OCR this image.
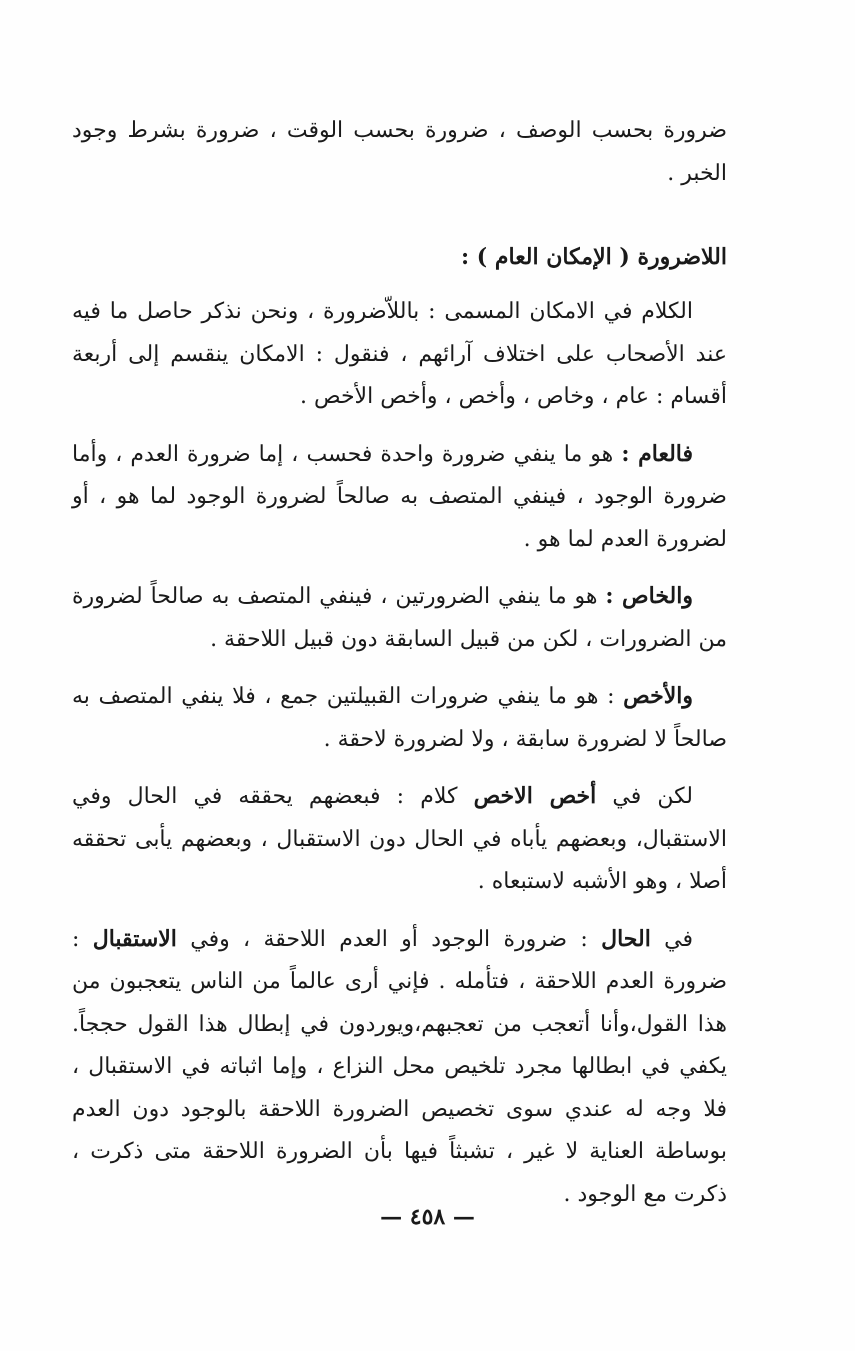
ضرورة بحسب الوصف ، ضرورة بحسب الوقت ، ضرورة بشرط وجود الخبر .

اللاضرورة ( الإمكان العام ) :

الكلام في الامكان المسمى : باللاّضرورة ، ونحن نذكر حاصل ما فيه عند الأصحاب على اختلاف آرائهم ، فنقول : الامكان ينقسم إلى أربعة أقسام : عام ، وخاص ، وأخص ، وأخص الأخص .

فالعام : هو ما ينفي ضرورة واحدة فحسب ، إما ضرورة العدم ، وأما ضرورة الوجود ، فينفي المتصف به صالحاً لضرورة الوجود لما هو ، أو لضرورة العدم لما هو .

والخاص : هو ما ينفي الضرورتين ، فينفي المتصف به صالحاً لضرورة من الضرورات ، لكن من قبيل السابقة دون قبيل اللاحقة .

والأخص : هو ما ينفي ضرورات القبيلتين جمع ، فلا ينفي المتصف به صالحاً لا لضرورة سابقة ، ولا لضرورة لاحقة .

لكن في أخص الاخص كلام : فبعضهم يحققه في الحال وفي الاستقبال، وبعضهم يأباه في الحال دون الاستقبال ، وبعضهم يأبى تحققه أصلا ، وهو الأشبه لاستبعاه .

في الحال : ضرورة الوجود أو العدم اللاحقة ، وفي الاستقبال : ضرورة العدم اللاحقة ، فتأمله . فإني أرى عالماً من الناس يتعجبون من هذا القول،وأنا أتعجب من تعجبهم،ويوردون في إبطال هذا القول حججاً. يكفي في ابطالها مجرد تلخيص محل النزاع ، وإما اثباته في الاستقبال ، فلا وجه له عندي سوى تخصيص الضرورة اللاحقة بالوجود دون العدم بوساطة العناية لا غير ، تشبثاً فيها بأن الضرورة اللاحقة متى ذكرت ، ذكرت مع الوجود .

— ٤٥٨ —
